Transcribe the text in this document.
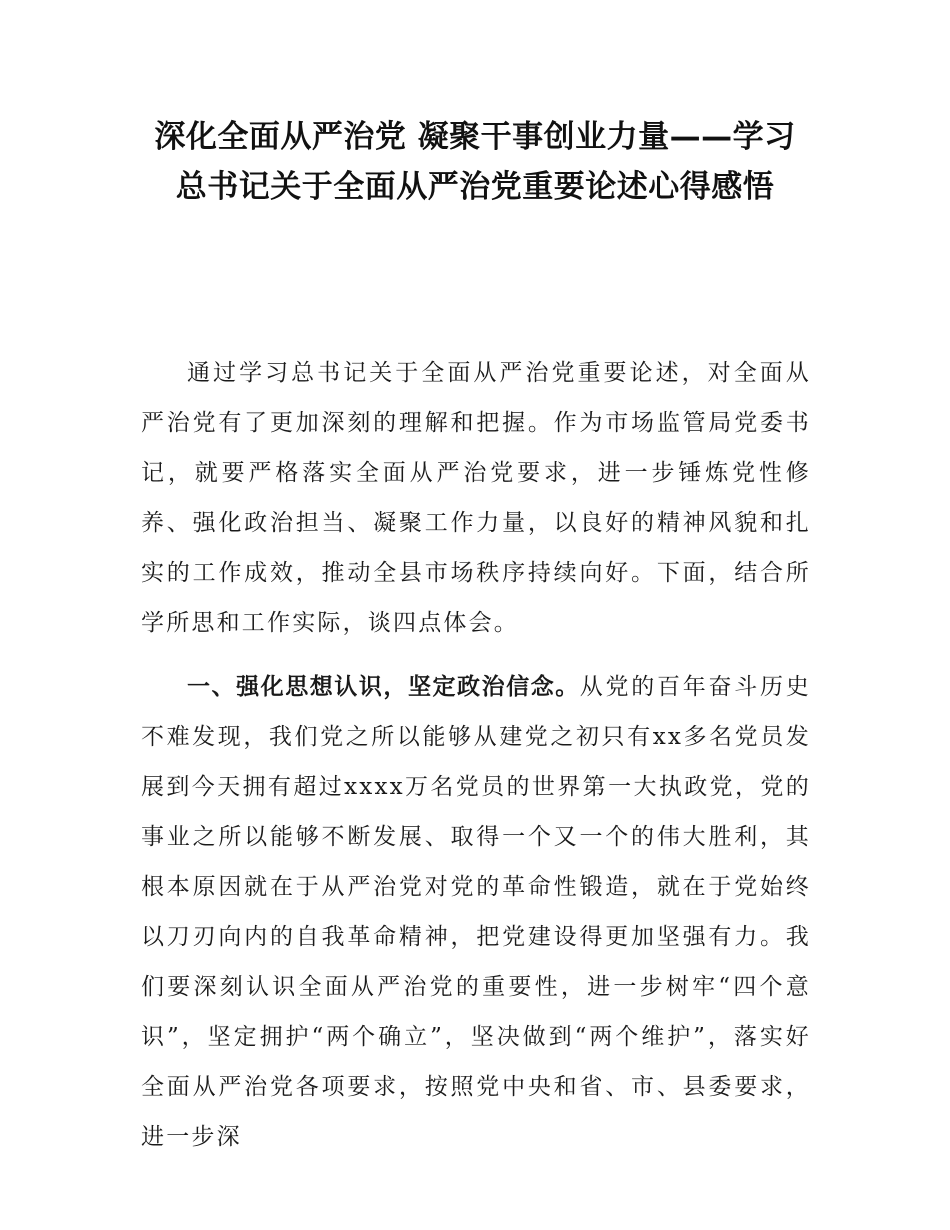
深化全面从严治党 凝聚干事创业力量——学习总书记关于全面从严治党重要论述心得感悟

通过学习总书记关于全面从严治党重要论述，对全面从严治党有了更加深刻的理解和把握。作为市场监管局党委书记，就要严格落实全面从严治党要求，进一步锤炼党性修养、强化政治担当、凝聚工作力量，以良好的精神风貌和扎实的工作成效，推动全县市场秩序持续向好。下面，结合所学所思和工作实际，谈四点体会。

一、强化思想认识，坚定政治信念。从党的百年奋斗历史不难发现，我们党之所以能够从建党之初只有xx多名党员发展到今天拥有超过xxxx万名党员的世界第一大执政党，党的事业之所以能够不断发展、取得一个又一个的伟大胜利，其根本原因就在于从严治党对党的革命性锻造，就在于党始终以刀刃向内的自我革命精神，把党建设得更加坚强有力。我们要深刻认识全面从严治党的重要性，进一步树牢“四个意识”，坚定拥护“两个确立”，坚决做到“两个维护”，落实好全面从严治党各项要求，按照党中央和省、市、县委要求，进一步深
